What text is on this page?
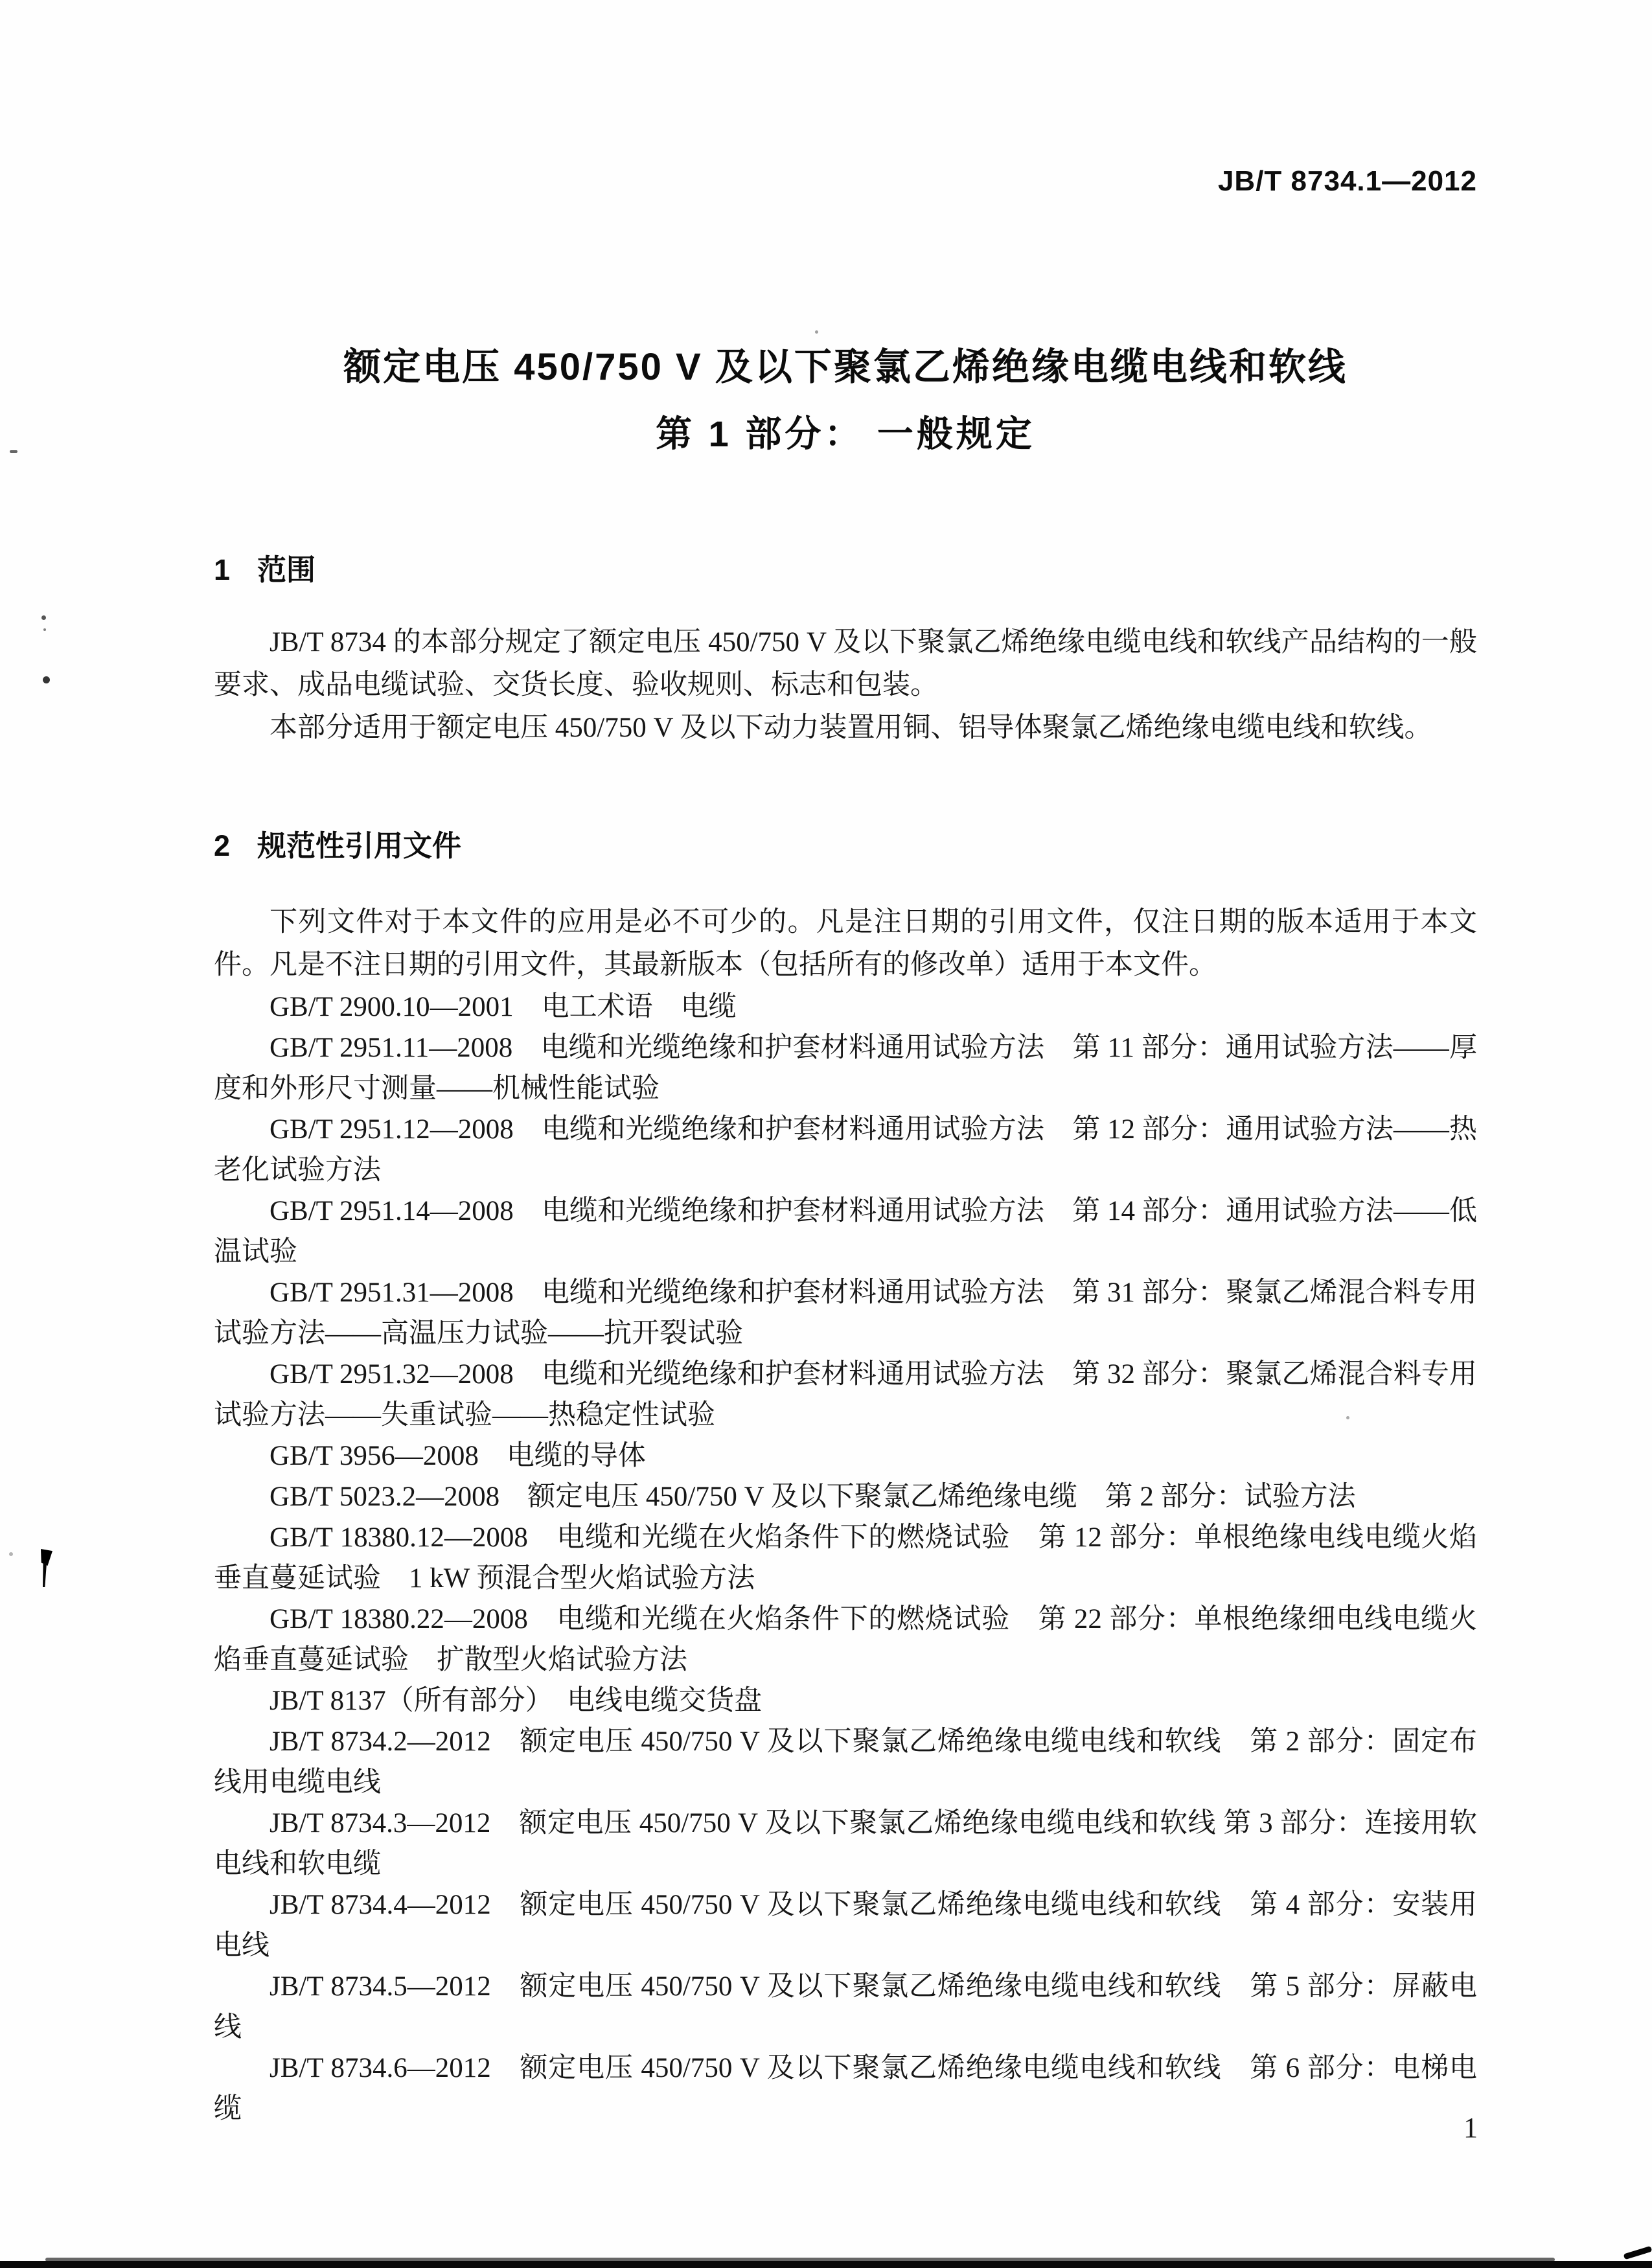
JB/T 8734.1—2012
额定电压 450/750 V 及以下聚氯乙烯绝缘电缆电线和软线
第 1 部分： 一般规定
1 范围

JB/T 8734 的本部分规定了额定电压 450/750 V 及以下聚氯乙烯绝缘电缆电线和软线产品结构的一般要求、成品电缆试验、交货长度、验收规则、标志和包装。

本部分适用于额定电压 450/750 V 及以下动力装置用铜、铝导体聚氯乙烯绝缘电缆电线和软线。

2 规范性引用文件

下列文件对于本文件的应用是必不可少的。凡是注日期的引用文件，仅注日期的版本适用于本文件。凡是不注日期的引用文件，其最新版本（包括所有的修改单）适用于本文件。

GB/T 2900.10—2001　电工术语　电缆

GB/T 2951.11—2008　电缆和光缆绝缘和护套材料通用试验方法　第 11 部分：通用试验方法——厚度和外形尺寸测量——机械性能试验

GB/T 2951.12—2008　电缆和光缆绝缘和护套材料通用试验方法　第 12 部分：通用试验方法——热老化试验方法

GB/T 2951.14—2008　电缆和光缆绝缘和护套材料通用试验方法　第 14 部分：通用试验方法——低温试验

GB/T 2951.31—2008　电缆和光缆绝缘和护套材料通用试验方法　第 31 部分：聚氯乙烯混合料专用试验方法——高温压力试验——抗开裂试验

GB/T 2951.32—2008　电缆和光缆绝缘和护套材料通用试验方法　第 32 部分：聚氯乙烯混合料专用试验方法——失重试验——热稳定性试验

GB/T 3956—2008　电缆的导体

GB/T 5023.2—2008　额定电压 450/750 V 及以下聚氯乙烯绝缘电缆　第 2 部分：试验方法

GB/T 18380.12—2008　电缆和光缆在火焰条件下的燃烧试验　第 12 部分：单根绝缘电线电缆火焰垂直蔓延试验　1 kW 预混合型火焰试验方法

GB/T 18380.22—2008　电缆和光缆在火焰条件下的燃烧试验　第 22 部分：单根绝缘细电线电缆火焰垂直蔓延试验　扩散型火焰试验方法

JB/T 8137（所有部分）　电线电缆交货盘

JB/T 8734.2—2012　额定电压 450/750 V 及以下聚氯乙烯绝缘电缆电线和软线　第 2 部分：固定布线用电缆电线

JB/T 8734.3—2012　额定电压 450/750 V 及以下聚氯乙烯绝缘电缆电线和软线 第 3 部分：连接用软电线和软电缆

JB/T 8734.4—2012　额定电压 450/750 V 及以下聚氯乙烯绝缘电缆电线和软线　第 4 部分：安装用电线

JB/T 8734.5—2012　额定电压 450/750 V 及以下聚氯乙烯绝缘电缆电线和软线　第 5 部分：屏蔽电线

JB/T 8734.6—2012　额定电压 450/750 V 及以下聚氯乙烯绝缘电缆电线和软线　第 6 部分：电梯电缆

1
